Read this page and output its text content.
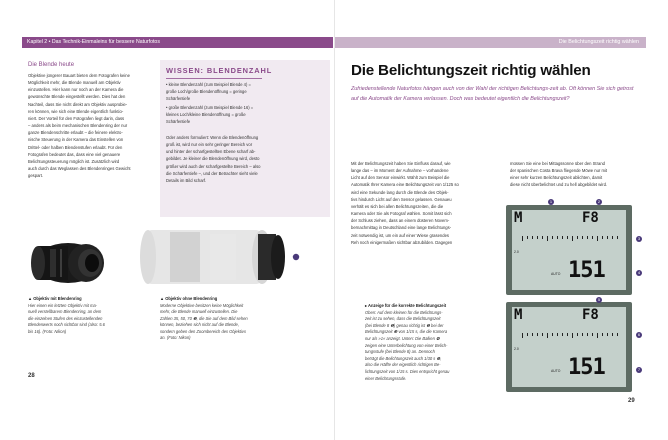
Kapitel 2 • Das Technik-Einmaleins für bessere Naturfotos	Die Belichtungszeit richtig wählen
Die Blende heute

Objektive jüngerer Bauart bieten dem Fotografen keine

Möglichkeit mehr, die Blende manuell am Objektiv

einzustellen. Hier kann nur noch an der Kamera die

gewünschte Blende eingestellt werden. Dies hat den

Nachteil, dass Sie nicht direkt am Objektiv ausprobie-

ren können, wie sich eine Blende eigentlich funktio-

niert. Der Vorteil für den Fotografen liegt darin, dass

– anders als beim mechanischen Blendenring der nur

ganze Blendenschritte erlaubt – die feinere elektro-

nische Steuerung in der Kamera das Einstellen von

Drittel- oder halben Blendenstufen erlaubt. Für den

Fotografen bedeutet das, dass eine viel genauere

Belichtungssteuerung möglich ist. Zusätzlich wird

auch durch das Weglassen des Blendenringes Gewicht

gespart.

WISSEN: BLENDENZAHL
• kleine Blendenzahl (zum Beispiel Blende 4) =
große Loch/große Blendenöffnung = geringe
Schärfentiefe
• große Blendenzahl (zum Beispiel Blende 16) =
kleines Loch/kleine Blendenöffnung = große
Schärfentiefe

Oder anders formuliert: Wenn die Blendenöffnung

groß ist, wird nur ein sehr geringer Bereich vor

und hinter der scharfgestellten Ebene scharf ab-

gebildet. Je kleiner die Blendenöffnung wird, desto

größer wird auch der scharfgestellte Bereich – also

die Schärfentiefe –, und der Betrachter sieht viele

Details im Bild scharf.

▲ Objektiv mit Blendenring
Hier einen ein letzten Objektiv mit ma-
nuell verstellbarem Blendenring, an dem
die einzelnen Stufen des einzustellenden
Blendenwerts noch sichtbar sind (also: 5.6
bis 16). (Foto: Nikon)
▲ Objektiv ohne Blendenring
Moderne Objektive besitzen keine Möglichkeit
mehr, die Blende manuell einzustellen. Die
Zahlen 35, 50, 70 ❶, die Sie auf dem Bild sehen
können, beziehen sich nicht auf die Blende,
sondern geben den Zoombereich des Objektivs
an. (Foto: Nikon)
28
Die Belichtungszeit richtig wählen
Zufriedenstellende Naturfotos hängen auch von der Wahl der richtigen Belichtungs-zeit ab. Oft können Sie sich getrost auf die Automatik der Kamera verlassen. Doch was bedeutet eigentlich die Belichtungszeit?

Mit der Belichtungszeit haben Sie Einfluss darauf, wie

lange das – im Moment der Aufnahme – vorhandene

Licht auf den Sensor einwirkt. Wählt zum Beispiel die

Automatik Ihrer Kamera eine Belichtungszeit von 1/125 so

wird eine Sekunde lang durch die Blende des Objek-

tivs hindurch Licht auf den Sensor gelassen. Genaueu

verhält es sich bei allen Belichtungszeiten, die die

Kamera oder Sie als Fotograf wählen. Somit lässt sich

der Schluss ziehen, dass an einem düsteren Novem-

bernachmittag in Deutschland eine lange Belichtungs-

zeit notwendig ist, um ein auf einer Wiese grasendes

Reh noch einigermaßen sichtbar abzubilden. Dagegen

müssen Sie eine bei Mittagssonne über den Strand

der spanischen Costa Brava fliegende Möwe nur mit

einer sehr kurzen Belichtungszeit ablichten, damit

diese nicht überbelichtet und zu hell abgebildet wird.

M	F8
151
2.0
AUTO
M	F8
151
2.0
AUTO
1	2
3
4
5
6
7
▸ Anzeige für die korrekte Belichtungszeit
Oben: Auf dem kleinen für die Belichtungs-
zeit ist zu sehen, dass die Belichtungszeit
(bei Blende 8 ❶) genau richtig ist ❷ bei der
Belichtungszeit ❸ von 1/15 s, die die Kamera
nur als »1« anzeigt. Unten: Die Balken ❹
zeigen eine Unterbelichtung von einer Belich-
tungsstufe (bei Blende 8) an. Dennoch
beträgt die Belichtungszeit auch 1/30 s ❺,
also die Hälfte der eigentlich richtigen Be-
lichtungszeit von 1/15 s. Dies entspricht genau
einer Belichtungsstufe.
29
